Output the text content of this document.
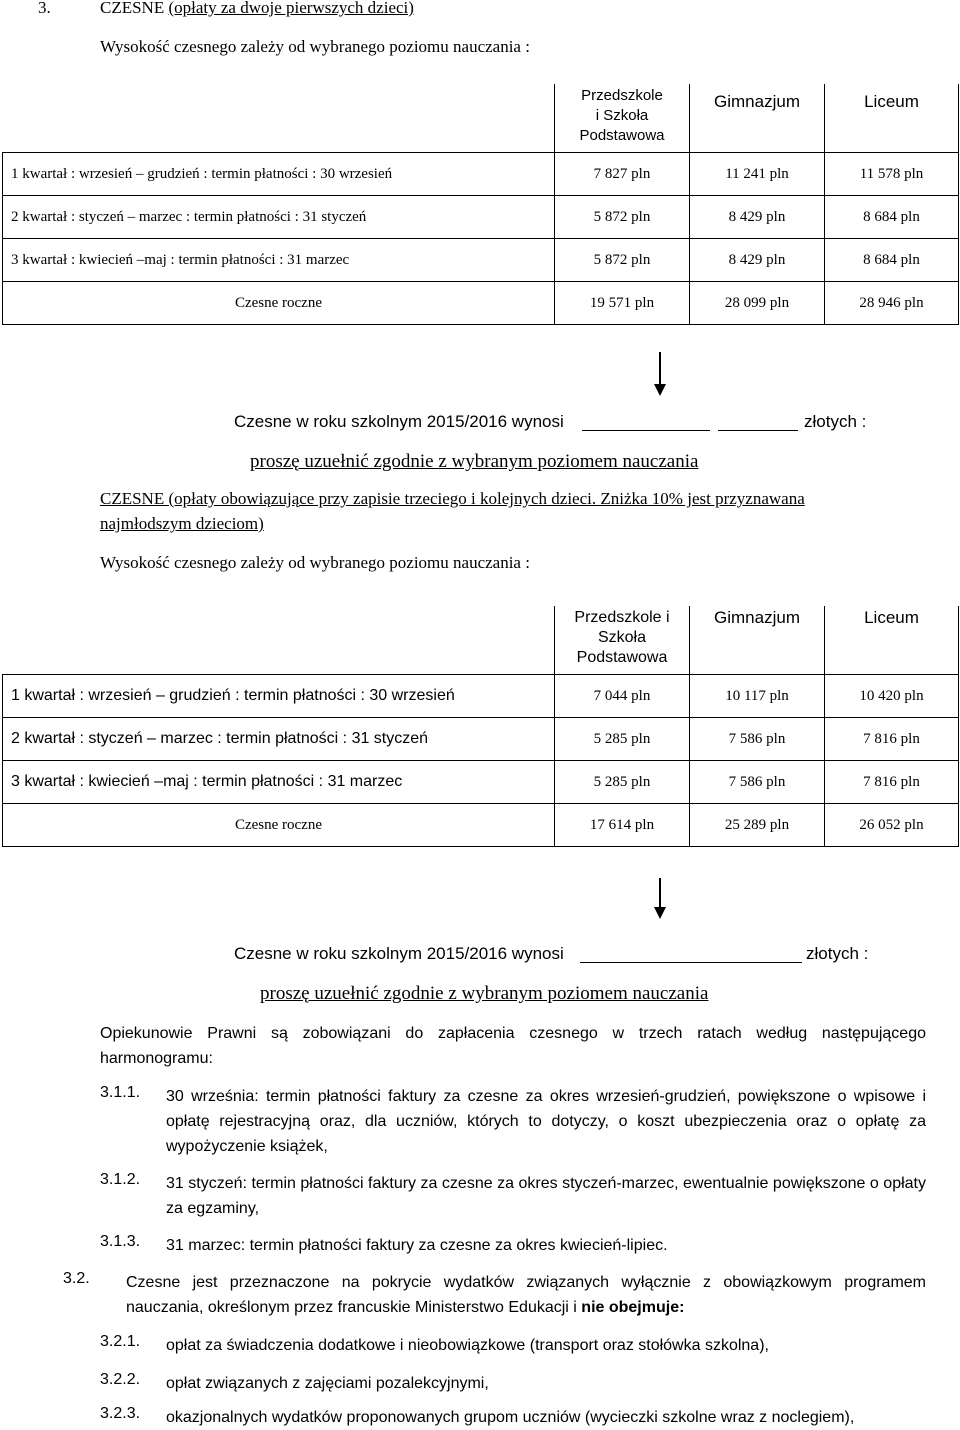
3.	CZESNE (opłaty za dwoje pierwszych dzieci)
Wysokość czesnego zależy od wybranego poziomu nauczania :
	Przedszkole
i Szkoła
Podstawowa	Gimnazjum	Liceum
1 kwartał : wrzesień ‒ grudzień : termin płatności : 30 wrzesień	7 827 pln	11 241 pln	11 578 pln
2 kwartał : styczeń ‒ marzec : termin płatności : 31 styczeń	5 872 pln	8 429 pln	8 684 pln
3 kwartał : kwiecień ‒maj : termin płatności : 31 marzec	5 872 pln	8 429 pln	8 684 pln
Czesne roczne	19 571 pln	28 099 pln	28 946 pln
Czesne w roku szkolnym 2015/2016 wynosi	złotych :
proszę uzuełnić zgodnie z wybranym poziomem nauczania
CZESNE (opłaty obowiązujące przy zapisie trzeciego i kolejnych dzieci. Zniżka 10% jest przyznawana
najmłodszym dzieciom)
Wysokość czesnego zależy od wybranego poziomu nauczania :
	Przedszkole i
Szkoła
Podstawowa	Gimnazjum	Liceum
1 kwartał : wrzesień ‒ grudzień : termin płatności : 30 wrzesień	7 044 pln	10 117 pln	10 420 pln
2 kwartał : styczeń ‒ marzec : termin płatności : 31 styczeń	5 285 pln	7 586 pln	7 816 pln
3 kwartał : kwiecień ‒maj : termin płatności : 31 marzec	5 285 pln	7 586 pln	7 816 pln
Czesne roczne	17 614 pln	25 289 pln	26 052 pln
Czesne w roku szkolnym 2015/2016 wynosi	złotych :
proszę uzuełnić zgodnie z wybranym poziomem nauczania
Opiekunowie Prawni są zobowiązani do zapłacenia czesnego w trzech ratach według następującego harmonogramu:
3.1.1. 30 września: termin płatności faktury za czesne za okres wrzesień-grudzień, powiększone o wpisowe i opłatę rejestracyjną oraz, dla uczniów, których to dotyczy, o koszt ubezpieczenia oraz o opłatę za wypożyczenie książek,
3.1.2. 31 styczeń: termin płatności faktury za czesne za okres styczeń-marzec, ewentualnie powiększone o opłaty za egzaminy,
3.1.3. 31 marzec: termin płatności faktury za czesne za okres kwiecień-lipiec.
3.2. Czesne jest przeznaczone na pokrycie wydatków związanych wyłącznie z obowiązkowym programem nauczania, określonym przez francuskie Ministerstwo Edukacji i nie obejmuje:
3.2.1. opłat za świadczenia dodatkowe i nieobowiązkowe (transport oraz stołówka szkolna),
3.2.2. opłat związanych z zajęciami pozalekcyjnymi,
3.2.3. okazjonalnych wydatków proponowanych grupom uczniów (wycieczki szkolne wraz z noclegiem),
